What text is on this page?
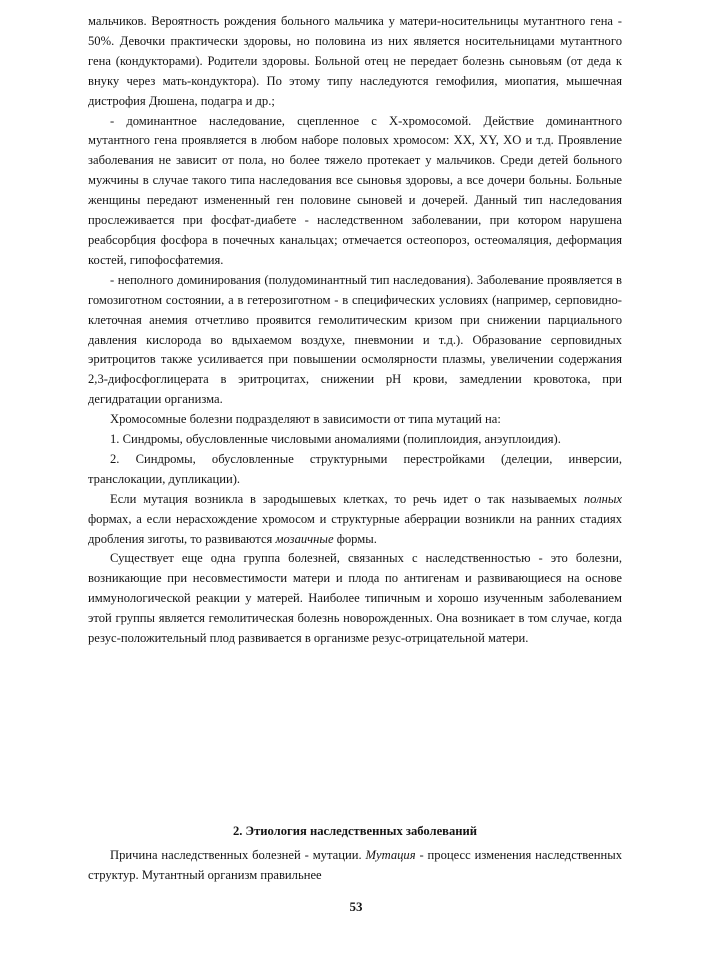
мальчиков. Вероятность рождения больного мальчика у матери-носительницы мутантного гена - 50%. Девочки практически здоровы, но половина из них является носительницами мутантного гена (кондукторами). Родители здоровы. Больной отец не передает болезнь сыновьям (от деда к внуку через мать-кондуктора). По этому типу наследуются гемофилия, миопатия, мышечная дистрофия Дюшена, подагра и др.;

- доминантное наследование, сцепленное с Х-хромосомой. Действие доминантного мутантного гена проявляется в любом наборе половых хромосом: XX, XY, XO и т.д. Проявление заболевания не зависит от пола, но более тяжело протекает у мальчиков. Среди детей больного мужчины в случае такого типа наследования все сыновья здоровы, а все дочери больны. Больные женщины передают измененный ген половине сыновей и дочерей. Данный тип наследования прослеживается при фосфат-диабете - наследственном заболевании, при котором нарушена реабсорбция фосфора в почечных канальцах; отмечается остеопороз, остеомаляция, деформация костей, гипофосфатемия.

- неполного доминирования (полудоминантный тип наследования). Заболевание проявляется в гомозиготном состоянии, а в гетерозиготном - в специфических условиях (например, серповидно-клеточная анемия отчетливо проявится гемолитическим кризом при снижении парциального давления кислорода во вдыхаемом воздухе, пневмонии и т.д.). Образование серповидных эритроцитов также усиливается при повышении осмолярности плазмы, увеличении содержания 2,3-дифосфоглицерата в эритроцитах, снижении pH крови, замедлении кровотока, при дегидратации организма.

Хромосомные болезни подразделяют в зависимости от типа мутаций на:

1. Синдромы, обусловленные числовыми аномалиями (полиплоидия, анэуплоидия).

2. Синдромы, обусловленные структурными перестройками (делеции, инверсии, транслокации, дупликации).

Если мутация возникла в зародышевых клетках, то речь идет о так называемых полных формах, а если нерасхождение хромосом и структурные аберрации возникли на ранних стадиях дробления зиготы, то развиваются мозаичные формы.

Существует еще одна группа болезней, связанных с наследственностью - это болезни, возникающие при несовместимости матери и плода по антигенам и развивающиеся на основе иммунологической реакции у матерей. Наиболее типичным и хорошо изученным заболеванием этой группы является гемолитическая болезнь новорожденных. Она возникает в том случае, когда резус-положительный плод развивается в организме резус-отрицательной матери.

2. Этиология наследственных заболеваний

Причина наследственных болезней - мутации. Мутация - процесс изменения наследственных структур. Мутантный организм правильнее

53
